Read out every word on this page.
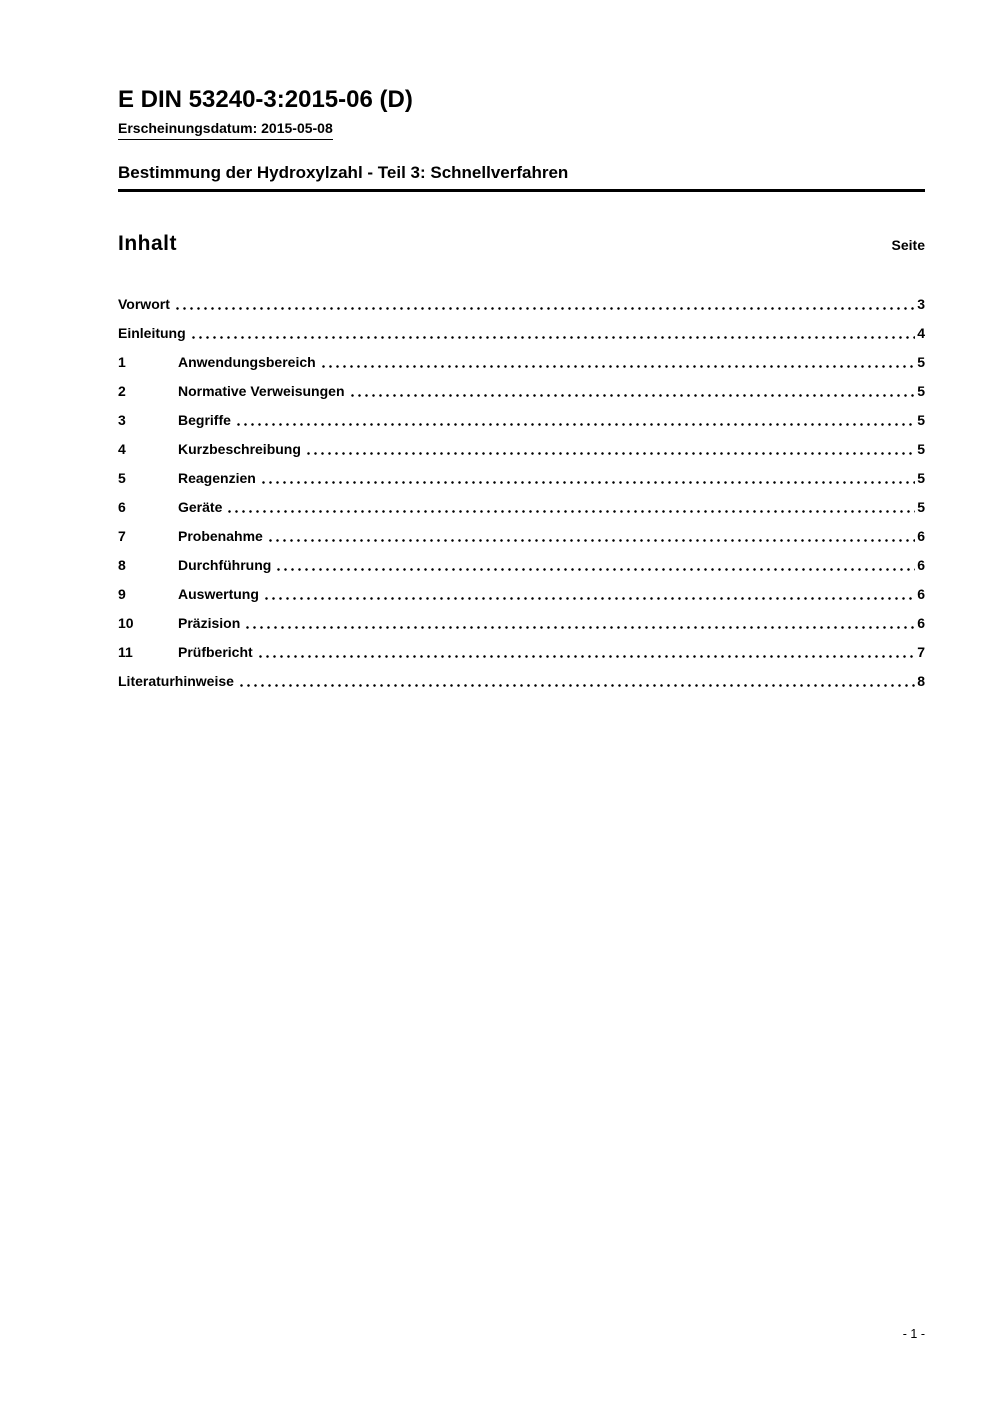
E DIN 53240-3:2015-06 (D)
Erscheinungsdatum: 2015-05-08
Bestimmung der Hydroxylzahl - Teil 3: Schnellverfahren
Inhalt	Seite
Vorwort	3
Einleitung	4
1	Anwendungsbereich	5
2	Normative Verweisungen	5
3	Begriffe	5
4	Kurzbeschreibung	5
5	Reagenzien	5
6	Geräte	5
7	Probenahme	6
8	Durchführung	6
9	Auswertung	6
10	Präzision	6
11	Prüfbericht	7
Literaturhinweise	8
- 1 -
